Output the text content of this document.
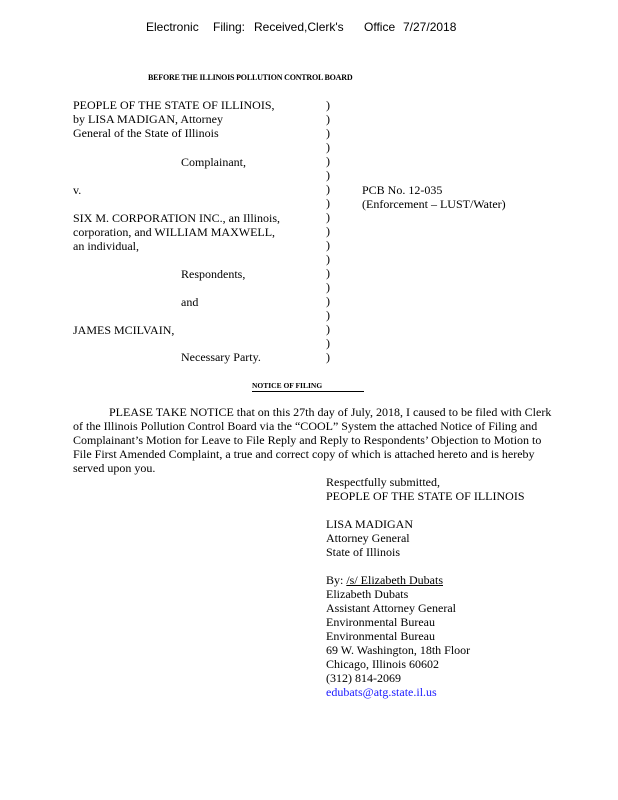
Electronic Filing: Received,Clerk's Office 7/27/2018
BEFORE THE ILLINOIS POLLUTION CONTROL BOARD
PEOPLE OF THE STATE OF ILLINOIS,
by LISA MADIGAN, Attorney
General of the State of Illinois
Complainant,
v.
SIX M. CORPORATION INC., an Illinois,
corporation, and WILLIAM MAXWELL,
an individual,
Respondents,
and
JAMES MCILVAIN,
Necessary Party.
)
)
)
)
)
)
)
)
)
)
)
)
)
)
)
)
)
)
)
PCB No. 12-035
(Enforcement – LUST/Water)
NOTICE OF FILING
PLEASE TAKE NOTICE that on this 27th day of July, 2018, I caused to be filed with Clerk of the Illinois Pollution Control Board via the “COOL” System the attached Notice of Filing and Complainant’s Motion for Leave to File Reply and Reply to Respondents’ Objection to Motion to File First Amended Complaint, a true and correct copy of which is attached hereto and is hereby served upon you.
Respectfully submitted,
PEOPLE OF THE STATE OF ILLINOIS
LISA MADIGAN
Attorney General
State of Illinois
By: /s/ Elizabeth Dubats
Elizabeth Dubats
Assistant Attorney General
Environmental Bureau
Environmental Bureau
69 W. Washington, 18th Floor
Chicago, Illinois 60602
(312) 814-2069
edubats@atg.state.il.us
